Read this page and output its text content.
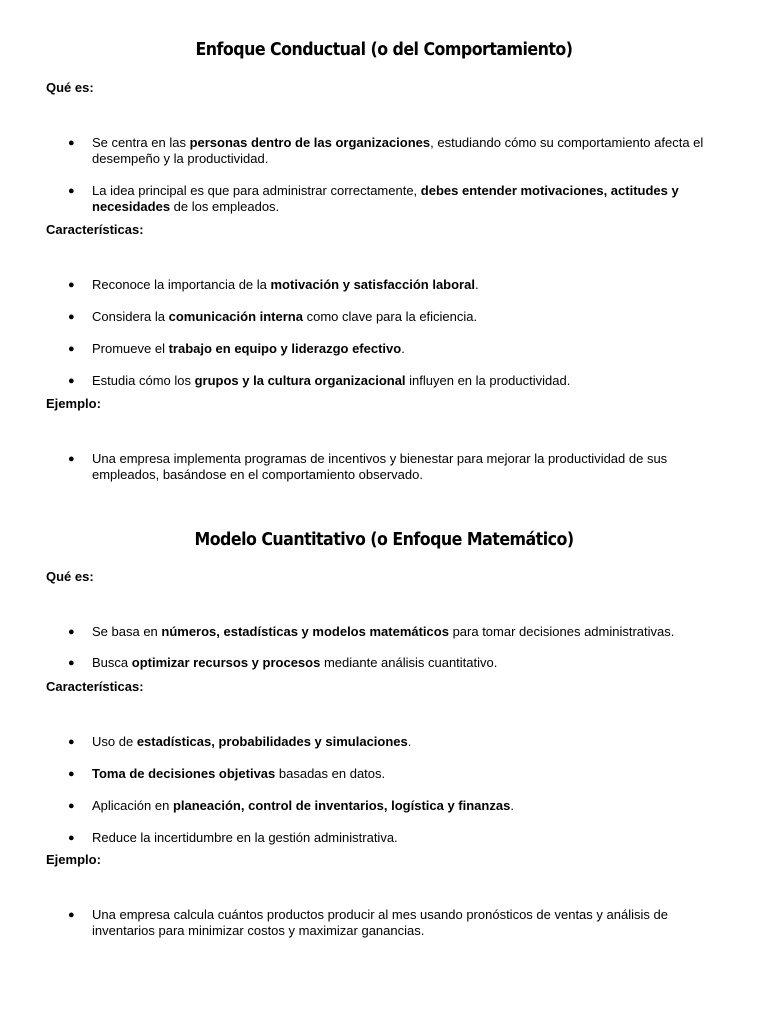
Enfoque Conductual (o del Comportamiento)

Qué es:

● Se centra en las personas dentro de las organizaciones, estudiando cómo su comportamiento afecta el desempeño y la productividad.
● La idea principal es que para administrar correctamente, debes entender motivaciones, actitudes y necesidades de los empleados.

Características:

● Reconoce la importancia de la motivación y satisfacción laboral.
● Considera la comunicación interna como clave para la eficiencia.
● Promueve el trabajo en equipo y liderazgo efectivo.
● Estudia cómo los grupos y la cultura organizacional influyen en la productividad.

Ejemplo:

● Una empresa implementa programas de incentivos y bienestar para mejorar la productividad de sus empleados, basándose en el comportamiento observado.
Modelo Cuantitativo (o Enfoque Matemático)

Qué es:

● Se basa en números, estadísticas y modelos matemáticos para tomar decisiones administrativas.
● Busca optimizar recursos y procesos mediante análisis cuantitativo.

Características:

● Uso de estadísticas, probabilidades y simulaciones.
● Toma de decisiones objetivas basadas en datos.
● Aplicación en planeación, control de inventarios, logística y finanzas.
● Reduce la incertidumbre en la gestión administrativa.

Ejemplo:

● Una empresa calcula cuántos productos producir al mes usando pronósticos de ventas y análisis de inventarios para minimizar costos y maximizar ganancias.
